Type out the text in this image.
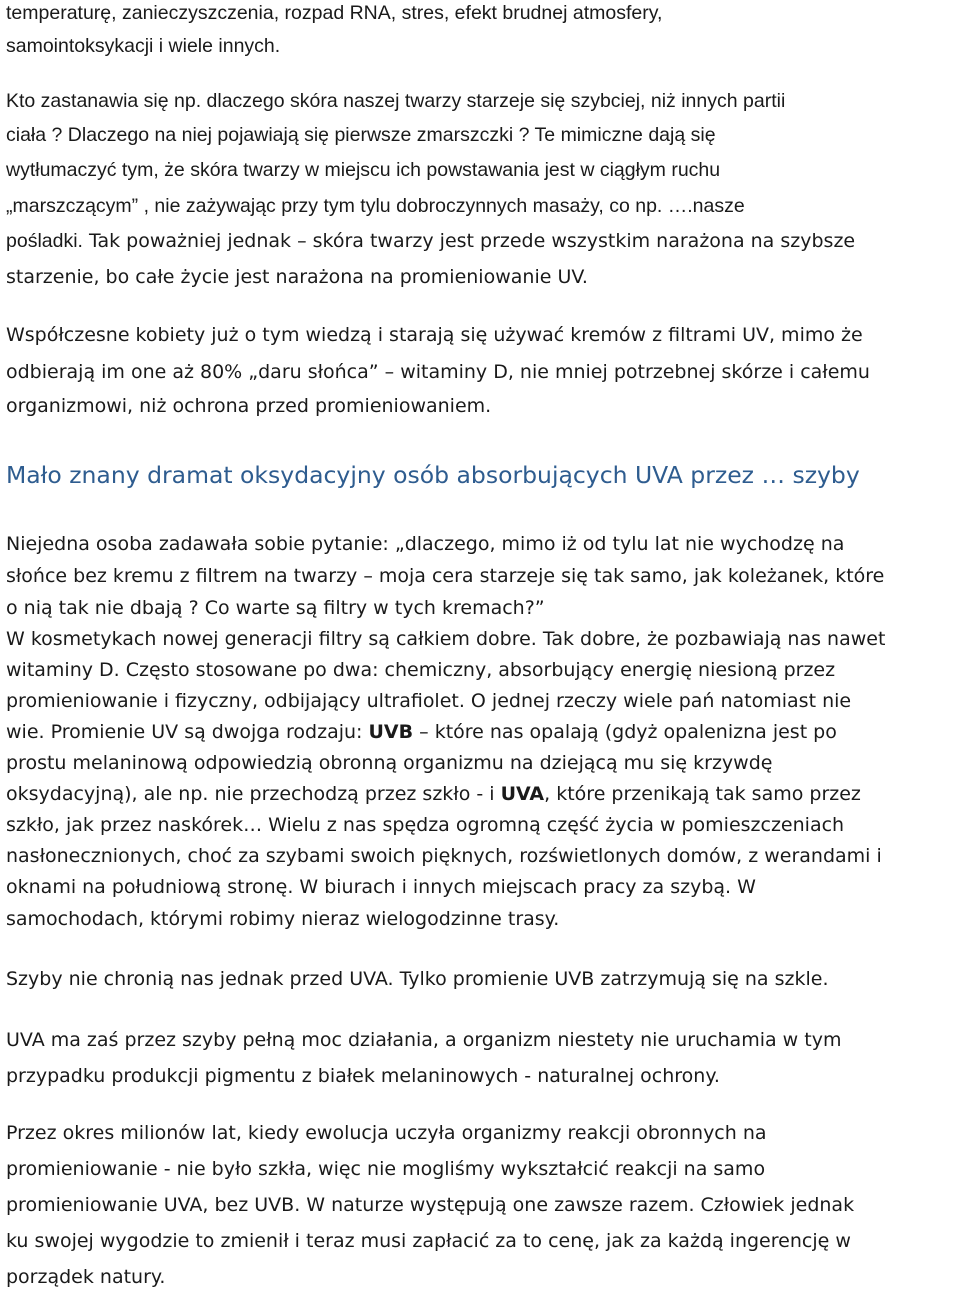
temperaturę, zanieczyszczenia, rozpad RNA, stres, efekt brudnej atmosfery,
samointoksykacji i wiele innych.
Kto zastanawia się np. dlaczego skóra naszej twarzy starzeje się szybciej, niż innych partii
ciała ? Dlaczego na niej pojawiają się pierwsze zmarszczki ? Te mimiczne dają się
wytłumaczyć tym, że skóra twarzy w miejscu ich powstawania jest w ciągłym ruchu
„marszczącym” , nie zażywając przy tym tylu dobroczynnych masaży, co np. ….nasze
pośladki. Tak poważniej jednak – skóra twarzy jest przede wszystkim narażona na szybsze
starzenie, bo całe życie jest narażona na promieniowanie UV.
Współczesne kobiety już o tym wiedzą i starają się używać kremów z filtrami UV, mimo że
odbierają im one aż 80% „daru słońca” – witaminy D, nie mniej potrzebnej skórze i całemu
organizmowi, niż ochrona przed promieniowaniem.
Mało znany dramat oksydacyjny osób absorbujących UVA przez … szyby
Niejedna osoba zadawała sobie pytanie: „dlaczego, mimo iż od tylu lat nie wychodzę na
słońce bez kremu z filtrem na twarzy – moja cera starzeje się tak samo, jak koleżanek, które
o nią tak nie dbają ? Co warte są filtry w tych kremach?”
W kosmetykach nowej generacji filtry są całkiem dobre. Tak dobre, że pozbawiają nas nawet
witaminy D. Często stosowane po dwa: chemiczny, absorbujący energię niesioną przez
promieniowanie i fizyczny, odbijający ultrafiolet. O jednej rzeczy wiele pań natomiast nie
wie. Promienie UV są dwojga rodzaju: UVB – które nas opalają (gdyż opalenizna jest po
prostu melaninową odpowiedzią obronną organizmu na dziejącą mu się krzywdę
oksydacyjną), ale np. nie przechodzą przez szkło - i UVA, które przenikają tak samo przez
szkło, jak przez naskórek… Wielu z nas spędza ogromną część życia w pomieszczeniach
nasłonecznionych, choć za szybami swoich pięknych, rozświetlonych domów, z werandami i
oknami na południową stronę. W biurach i innych miejscach pracy za szybą. W
samochodach, którymi robimy nieraz wielogodzinne trasy.
Szyby nie chronią nas jednak przed UVA. Tylko promienie UVB zatrzymują się na szkle.
UVA ma zaś przez szyby pełną moc działania, a organizm niestety nie uruchamia w tym
przypadku produkcji pigmentu z białek melaninowych - naturalnej ochrony.
Przez okres milionów lat, kiedy ewolucja uczyła organizmy reakcji obronnych na
promieniowanie - nie było szkła, więc nie mogliśmy wykształcić reakcji na samo
promieniowanie UVA, bez UVB. W naturze występują one zawsze razem. Człowiek jednak
ku swojej wygodzie to zmienił i teraz musi zapłacić za to cenę, jak za każdą ingerencję w
porządek natury.
